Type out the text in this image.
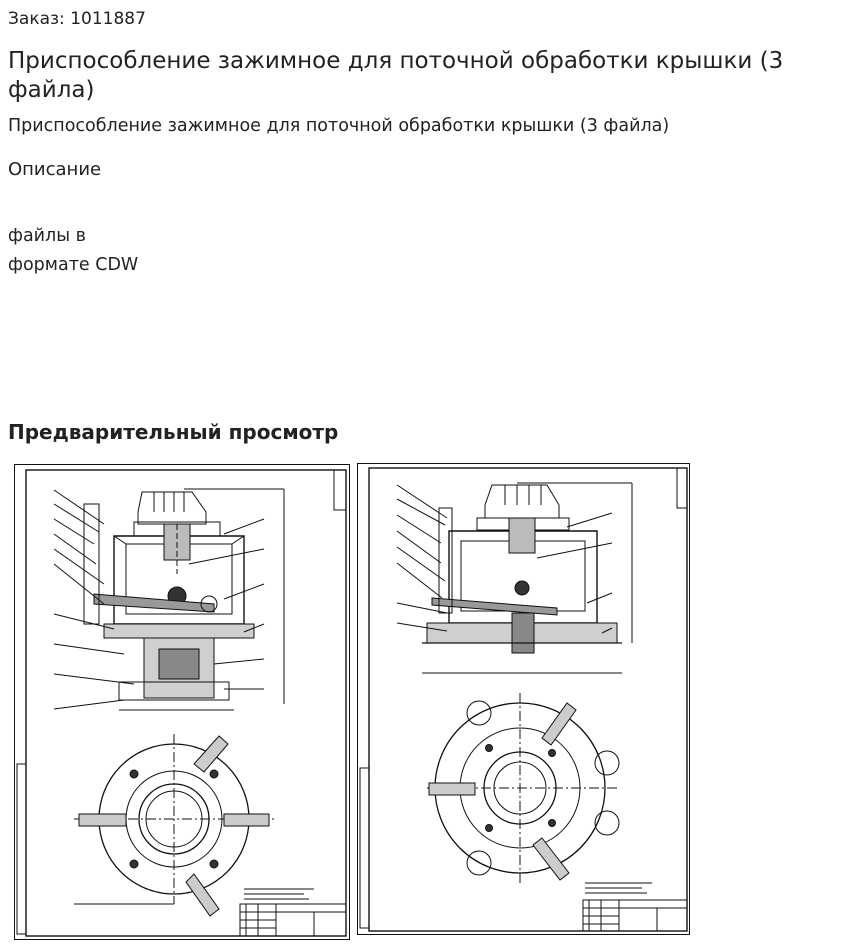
Заказ: 1011887
Приспособление зажимное для поточной обработки крышки (3 файла)
Приспособление зажимное для поточной обработки крышки (3 файла)
Описание
файлы в
формате CDW
Предварительный просмотр
